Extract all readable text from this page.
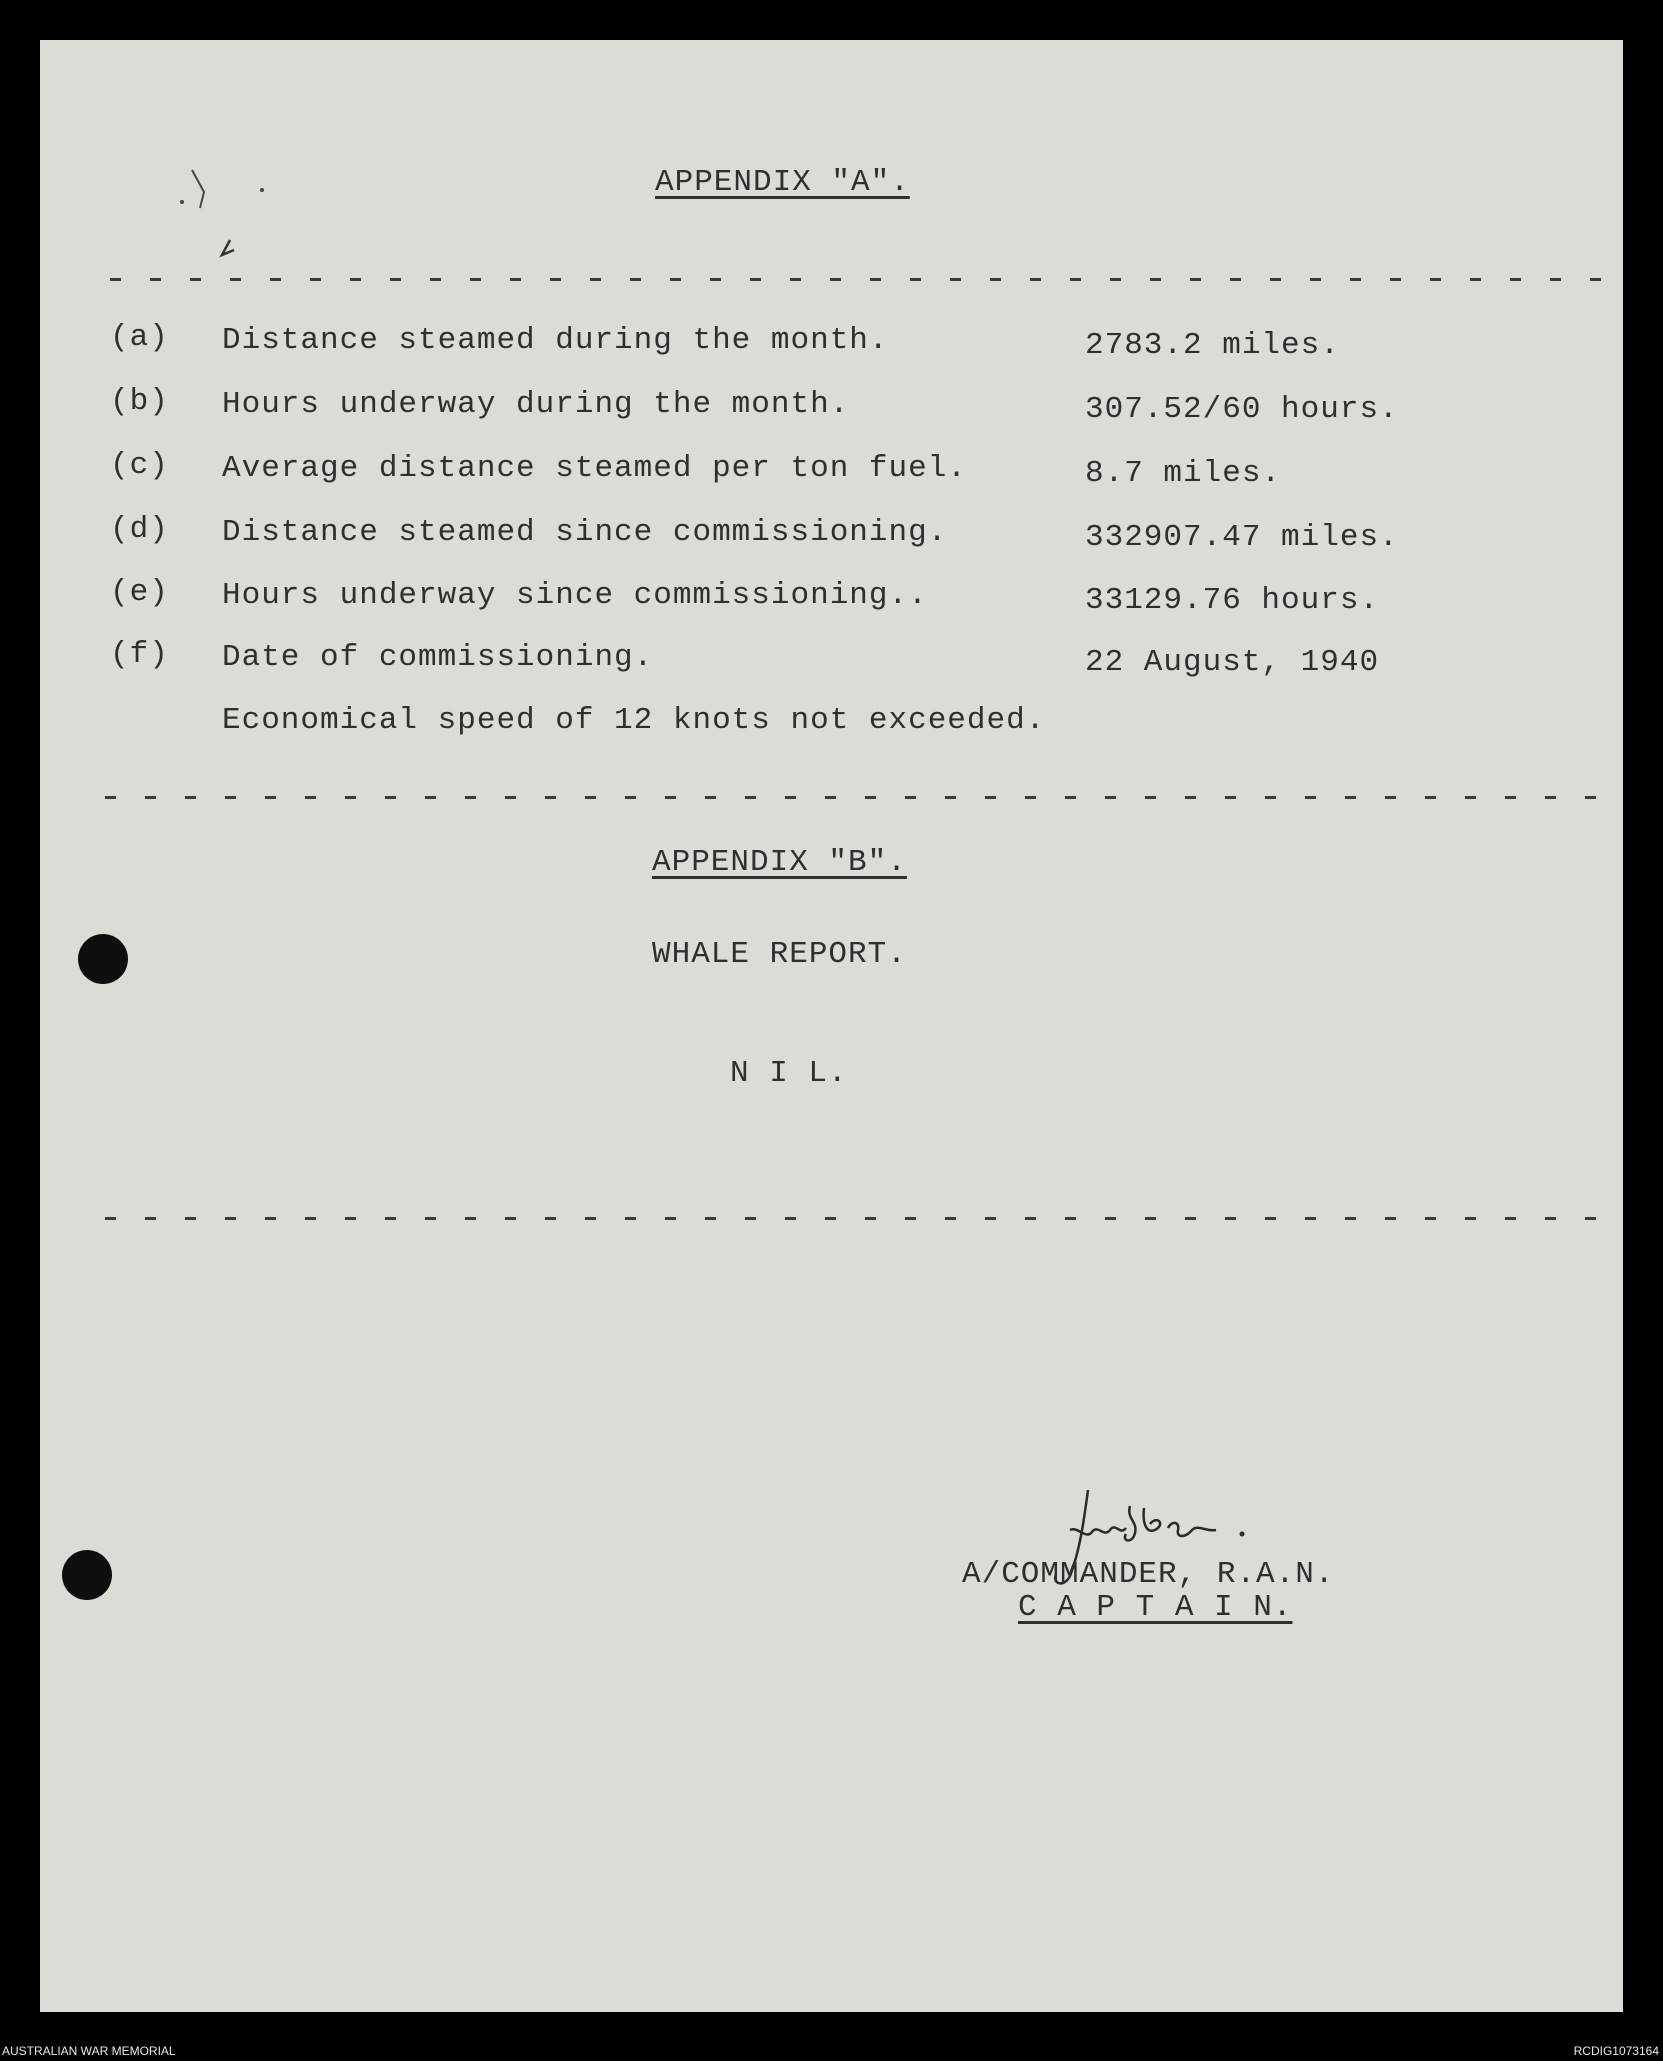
APPENDIX "A".
(a) Distance steamed during the month.	2783.2 miles.
(b) Hours underway during the month.	307.52/60 hours.
(c) Average distance steamed per ton fuel.	8.7 miles.
(d) Distance steamed since commissioning.	332907.47 miles.
(e) Hours underway since commissioning..	33129.76 hours.
(f) Date of commissioning.	22 August, 1940
Economical speed of 12 knots not exceeded.
APPENDIX "B".
WHALE REPORT.
N I L.
A/COMMANDER, R.A.N.
C A P T A I N.
AUSTRALIAN WAR MEMORIAL	RCDIG1073164
